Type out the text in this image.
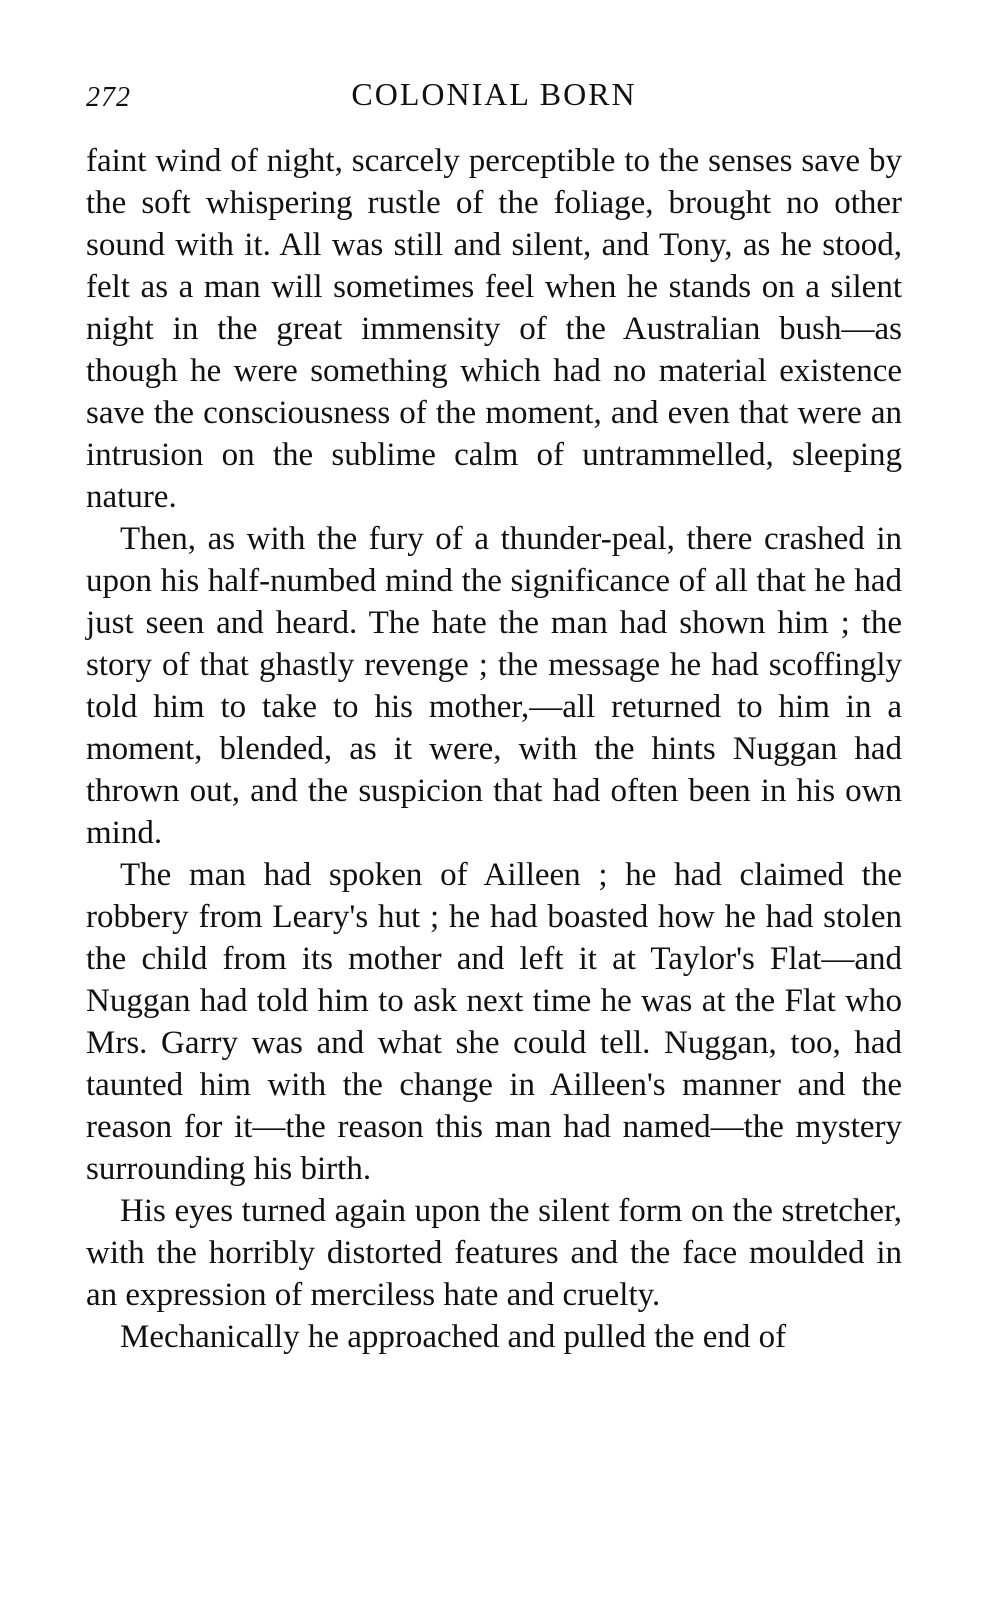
272	COLONIAL BORN

faint wind of night, scarcely perceptible to the senses save by the soft whispering rustle of the foliage, brought no other sound with it. All was still and silent, and Tony, as he stood, felt as a man will sometimes feel when he stands on a silent night in the great immensity of the Australian bush—as though he were something which had no material existence save the consciousness of the moment, and even that were an intrusion on the sublime calm of untrammelled, sleeping nature.

Then, as with the fury of a thunder-peal, there crashed in upon his half-numbed mind the significance of all that he had just seen and heard. The hate the man had shown him ; the story of that ghastly revenge ; the message he had scoffingly told him to take to his mother,—all returned to him in a moment, blended, as it were, with the hints Nuggan had thrown out, and the suspicion that had often been in his own mind.

The man had spoken of Ailleen ; he had claimed the robbery from Leary's hut ; he had boasted how he had stolen the child from its mother and left it at Taylor's Flat—and Nuggan had told him to ask next time he was at the Flat who Mrs. Garry was and what she could tell. Nuggan, too, had taunted him with the change in Ailleen's manner and the reason for it—the reason this man had named—the mystery surrounding his birth.

His eyes turned again upon the silent form on the stretcher, with the horribly distorted features and the face moulded in an expression of merciless hate and cruelty.

Mechanically he approached and pulled the end of
